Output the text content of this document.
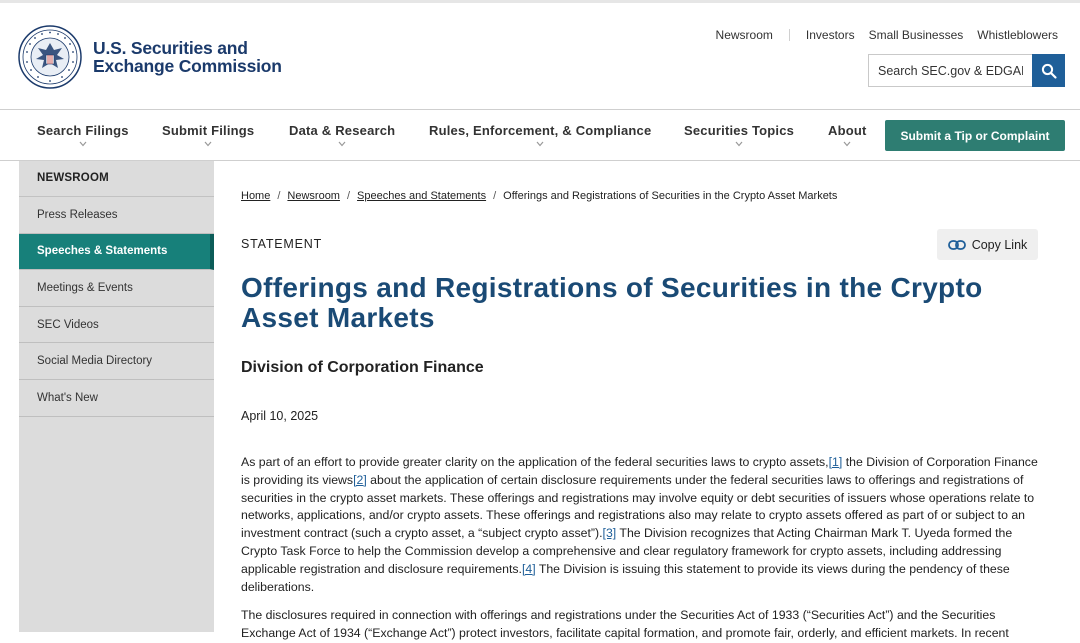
U.S. Securities and
Exchange Commission
Newsroom	Investors Small Businesses Whistleblowers
Search SEC.gov & EDGAR
Search Filings	Submit Filings	Data & Research	Rules, Enforcement, & Compliance	Securities Topics	About	Submit a Tip or Complaint
NEWSROOM
Press Releases
Speeches & Statements
Meetings & Events
SEC Videos
Social Media Directory
What's New
Home / Newsroom / Speeches and Statements / Offerings and Registrations of Securities in the Crypto Asset Markets
STATEMENT	Copy Link
Offerings and Registrations of Securities in the Crypto Asset Markets
Division of Corporation Finance
April 10, 2025

As part of an effort to provide greater clarity on the application of the federal securities laws to crypto assets,[1] the Division of Corporation Finance is providing its views[2] about the application of certain disclosure requirements under the federal securities laws to offerings and registrations of securities in the crypto asset markets. These offerings and registrations may involve equity or debt securities of issuers whose operations relate to networks, applications, and/or crypto assets. These offerings and registrations also may relate to crypto assets offered as part of or subject to an investment contract (such a crypto asset, a “subject crypto asset”).[3] The Division recognizes that Acting Chairman Mark T. Uyeda formed the Crypto Task Force to help the Commission develop a comprehensive and clear regulatory framework for crypto assets, including addressing applicable registration and disclosure requirements.[4] The Division is issuing this statement to provide its views during the pendency of these deliberations.

The disclosures required in connection with offerings and registrations under the Securities Act of 1933 (“Securities Act”) and the Securities Exchange Act of 1934 (“Exchange Act”) protect investors, facilitate capital formation, and promote fair, orderly, and efficient markets. In recent
